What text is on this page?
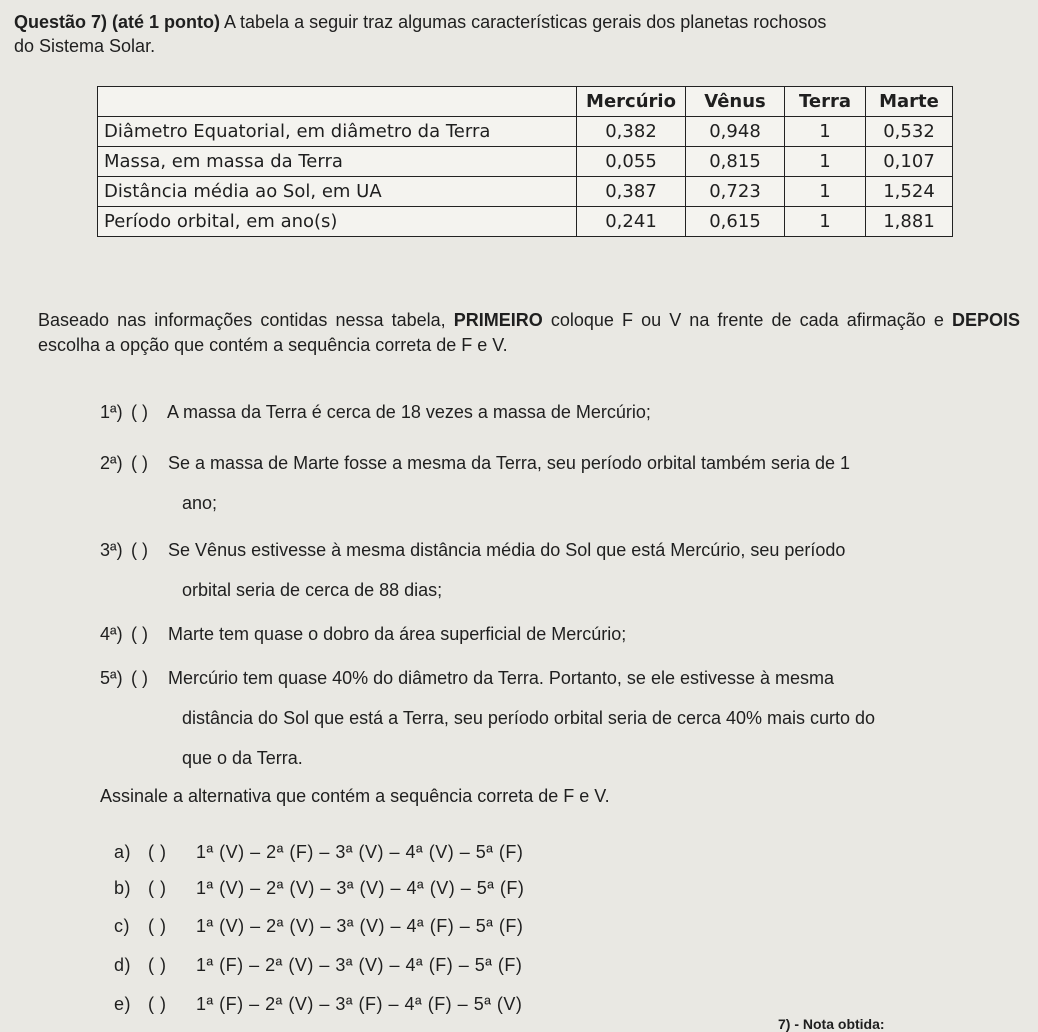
Questão 7) (até 1 ponto) A tabela a seguir traz algumas características gerais dos planetas rochosos
do Sistema Solar.
	Mercúrio	Vênus	Terra	Marte
Diâmetro Equatorial, em diâmetro da Terra	0,382	0,948	1	0,532
Massa, em massa da Terra	0,055	0,815	1	0,107
Distância média ao Sol, em UA	0,387	0,723	1	1,524
Período orbital, em ano(s)	0,241	0,615	1	1,881
Baseado nas informações contidas nessa tabela, PRIMEIRO coloque F ou V na frente de cada afirmação e DEPOIS escolha a opção que contém a sequência correta de F e V.
1ª) ( ) A massa da Terra é cerca de 18 vezes a massa de Mercúrio;
2ª) ( ) Se a massa de Marte fosse a mesma da Terra, seu período orbital também seria de 1
ano;
3ª) ( ) Se Vênus estivesse à mesma distância média do Sol que está Mercúrio, seu período
orbital seria de cerca de 88 dias;
4ª) ( ) Marte tem quase o dobro da área superficial de Mercúrio;
5ª) ( ) Mercúrio tem quase 40% do diâmetro da Terra. Portanto, se ele estivesse à mesma
distância do Sol que está a Terra, seu período orbital seria de cerca 40% mais curto do
que o da Terra.
Assinale a alternativa que contém a sequência correta de F e V.
a) ( ) 1ª (V) – 2ª (F) – 3ª (V) – 4ª (V) – 5ª (F)
b) ( ) 1ª (V) – 2ª (V) – 3ª (V) – 4ª (V) – 5ª (F)
c) ( ) 1ª (V) – 2ª (V) – 3ª (V) – 4ª (F) – 5ª (F)
d) ( ) 1ª (F) – 2ª (V) – 3ª (V) – 4ª (F) – 5ª (F)
e) ( ) 1ª (F) – 2ª (V) – 3ª (F) – 4ª (F) – 5ª (V)
7) - Nota obtida:
